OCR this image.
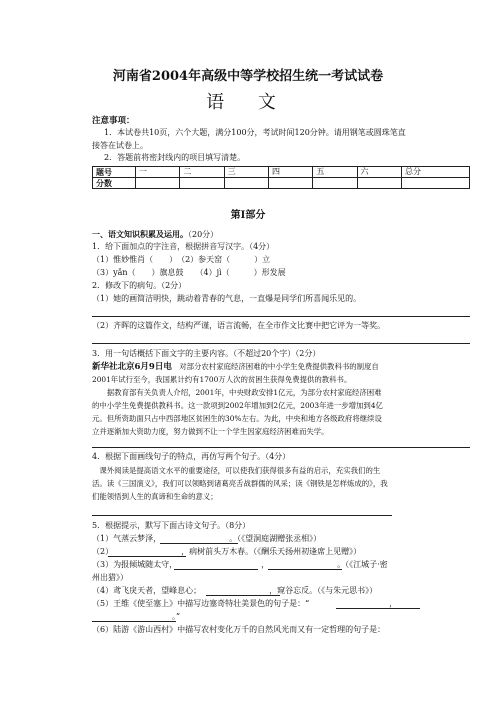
河南省2004年高级中等学校招生统一考试试卷
语 文
注意事项：
1．本试卷共10页，六个大题，满分100分，考试时间120分钟。请用钢笔或圆珠笔直
接答在试卷上。
2．答题前将密封线内的项目填写清楚。
题号	一	二	三	四	五	六	总分
分数							
第Ⅰ部分
一、语文知识积累及运用。（20分）
1．给下面加点的字注音，根据拼音写汉字。（4分）
（1）惟妙惟肖（　　）　（2）参天窑（　　　）立
（3）yǎn（　　）旗息鼓　　（4）jì（　　　）形发展
2．修改下的病句。（2分）
（1）她的画简洁明快，跳动着青春的气息，一直爆是同学们所喜闻乐见的。
（2）齐晖的这篇作文，结构严谨，语言流畅，在全市作文比赛中把它评为一等奖。
3．用一句话概括下面文字的主要内容。（不超过20个字）（2分）
新华社北京6月9日电　对部分农村家庭经济困难的中小学生免费提供教科书的制度自
2001年试行至今，我国累计约有1700万人次的贫困生获得免费提供的教科书。
　　据教育部有关负责人介绍，2001年，中央财政安排1亿元，为部分农村家庭经济困难
的中小学生免费提供教科书。这一款项到2002年增加到2亿元，2003年进一步增加到4亿
元。但所资助面只占中西部地区贫困生的30%左右。为此，中央和地方各级政府将继续设
立并逐渐加大资助力度，努力做到不让一个学生因家庭经济困难而失学。
4．根据下面画线句子的特点，再仿写两个句子。（4分）
　课外阅读是提高语文水平的重要途径，可以使我们获得很多有益的启示，充实我们的生
活。读《三国演义》，我们可以领略到诸葛亮舌战群儒的风采；读《钢铁是怎样炼成的》，我
们能领悟到人生的真谛和生命的意义；
5．根据提示，默写下面古诗文句子。（8分）
（1）气蒸云梦泽，　　　　　　　　　。（《望洞庭湖赠张丞相》）
（2）　　　　　　　　　，病树前头万木春。（《酬乐天扬州初逢席上见赠》）
（3）为报倾城随太守，　　　　　　　　　　　，　　　　　　　　　。（《江城子·密
州出猎》）
（4）鸢飞戾天者，望峰息心；　　　　　　　　　，窥谷忘反。（《与朱元思书》）
（5）王维《使至塞上》中描写边塞奇特壮美景色的句子是：“　　　　　　　　　　，
　　　　　　　　　　。”
（6）陆游《游山西村》中描写农村变化万千的自然风光而又有一定哲理的句子是：
